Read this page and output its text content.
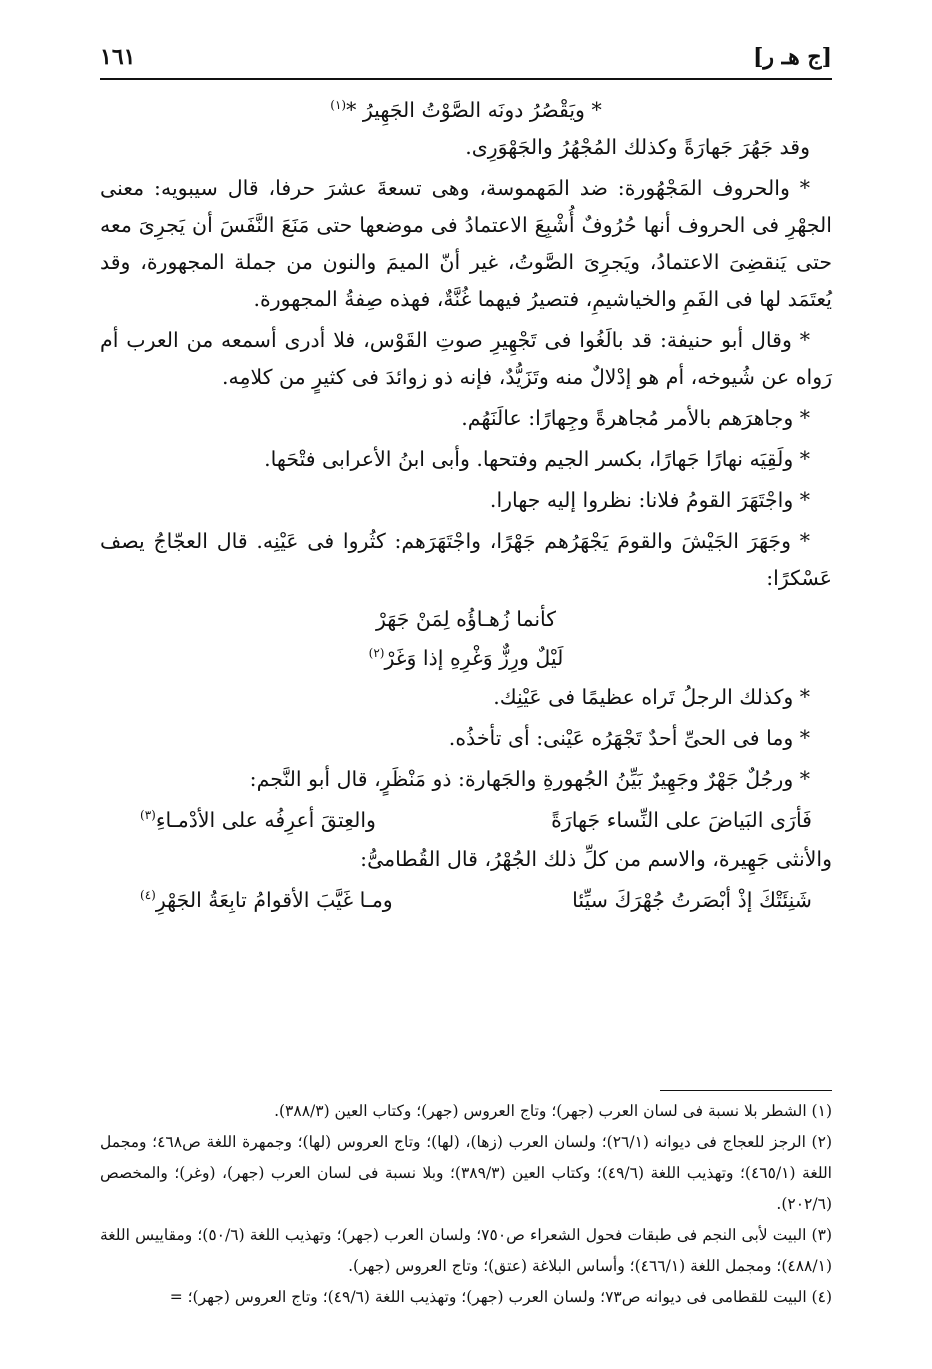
[ج هـ ر]
١٦١

* ويَقْصُرُ دونَه الصَّوْتُ الجَهِيرُ *$^{(١)}$

وقد جَهُرَ جَهارَةً وكذلك المُجْهُرُ والجَهْوَرِى.

* والحروف المَجْهُورة: ضد المَهموسة، وهى تسعةَ عشرَ حرفا، قال سيبويه: معنى الجهْرِ فى الحروف أنها حُرُوفٌ أُشْبِعَ الاعتمادُ فى موضعها حتى مَنَعَ النَّفَسَ أن يَجرِىَ معه حتى يَنقضِىَ الاعتمادُ، ويَجرِىَ الصَّوتُ، غير أنّ الميمَ والنون من جملة المجهورة، وقد يُعتَمَد لها فى الفَمِ والخياشيمِ، فتصيرُ فيهما غُنَّةٌ، فهذه صِفةُ المجهورة.

* وقال أبو حنيفة: قد بالَغُوا فى تَجْهِيرِ صوتِ القَوْس، فلا أدرى أسمعه من العرب أم رَواه عن شُيوخه، أم هو إدْلالٌ منه وتَزَيُّدٌ، فإنه ذو زوائدَ فى كثيرٍ من كلامِه.

* وجاهرَهم بالأمر مُجاهرةً وجِهارًا: عالَنَهُم.

* ولَقِيَه نهارًا جَهارًا، بكسر الجيم وفتحها. وأبى ابنُ الأعرابى فتْحَها.

* واجْتَهَرَ القومُ فلانا: نظروا إليه جهارا.

* وجَهَرَ الجَيْشَ والقومَ يَجْهَرُهم جَهْرًا، واجْتَهَرَهم: كثُروا فى عَيْنِه. قال العجّاجُ يصف عَسْكرًا:

كأنما زُهـاؤُه لِمَنْ جَهَرْ

لَيْلٌ ورِزٌّ وَغْرِهِ إذا وَغَرْ$^{(٢)}$

* وكذلك الرجلُ تَراه عظيمًا فى عَيْنِك.

* وما فى الحىِّ أحدٌ تَجْهَرُه عَيْنى: أى تأخذُه.

* ورجُلٌ جَهْرٌ وجَهِيرٌ بَيِّنُ الجُهورةِ والجَهارة: ذو مَنْظَرٍ، قال أبو النَّجم:

فَأرَى البَياضَ على النِّساء جَهارَةً
والعِتقَ أعرِفُه على الأدْمـاءِ$^{(٣)}$

والأنثى جَهِيرة، والاسم من كلِّ ذلك الجُهْرُ، قال القُطامىُّ:

شَنِئَتْكَ إذْ أبْصَرتُ جُهْرَكَ سيِّئا
ومـا غَيَّبَ الأقوامُ تابِعَةُ الجَهْرِ$^{(٤)}$

(١) الشطر بلا نسبة فى لسان العرب (جهر)؛ وتاج العروس (جهر)؛ وكتاب العين (٣٨٨/٣).

(٢) الرجز للعجاج فى ديوانه (٢٦/١)؛ ولسان العرب (زها)، (لها)؛ وتاج العروس (لها)؛ وجمهرة اللغة ص٤٦٨؛ ومجمل اللغة (٤٦٥/١)؛ وتهذيب اللغة (٤٩/٦)؛ وكتاب العين (٣٨٩/٣)؛ وبلا نسبة فى لسان العرب (جهر)، (وغر)؛ والمخصص (٢٠٢/٦).

(٣) البيت لأبى النجم فى طبقات فحول الشعراء ص٧٥٠؛ ولسان العرب (جهر)؛ وتهذيب اللغة (٥٠/٦)؛ ومقاييس اللغة (٤٨٨/١)؛ ومجمل اللغة (٤٦٦/١)؛ وأساس البلاغة (عتق)؛ وتاج العروس (جهر).

(٤) البيت للقطامى فى ديوانه ص٧٣؛ ولسان العرب (جهر)؛ وتهذيب اللغة (٤٩/٦)؛ وتاج العروس (جهر)؛ =
